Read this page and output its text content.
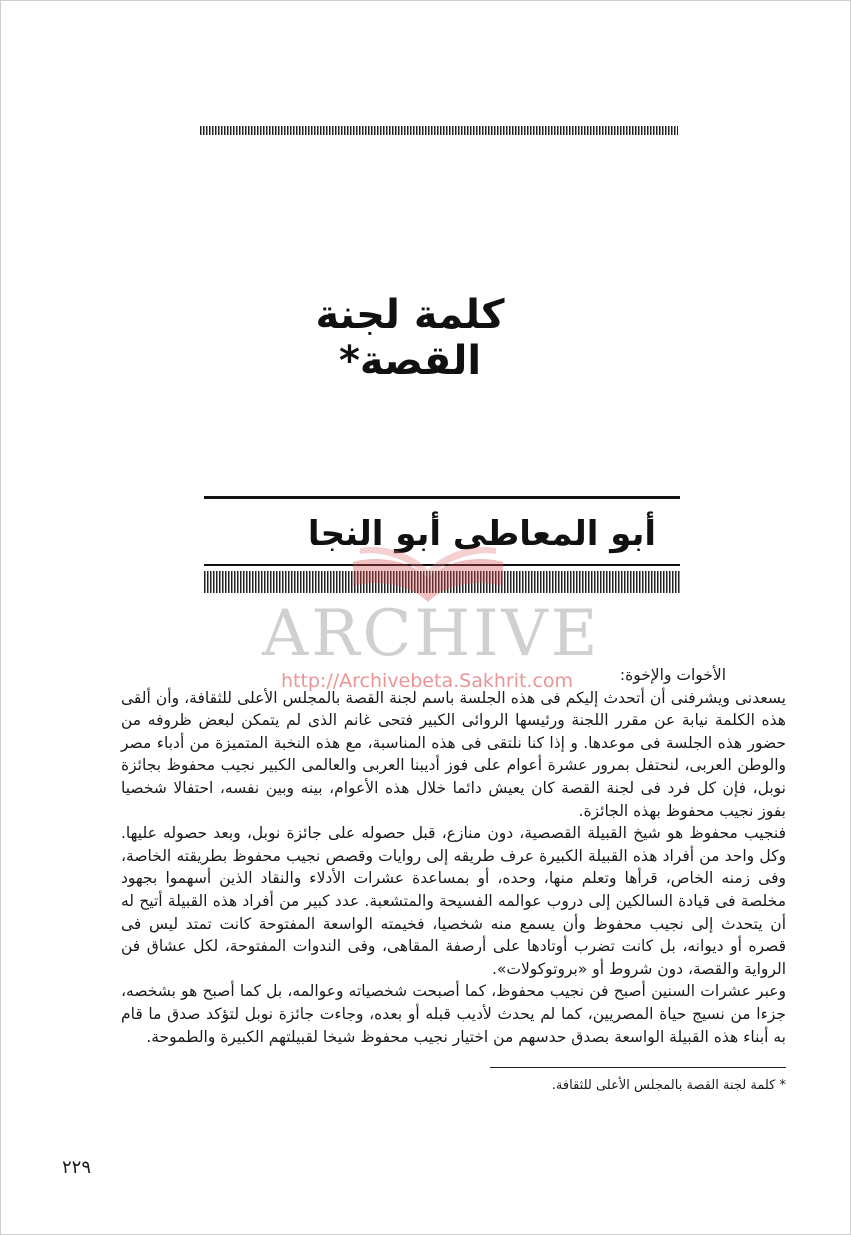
كلمة لجنة القصة*
أبو المعاطى أبو النجا
ARCHIVE
http://Archivebeta.Sakhrit.com	الأخوات والإخوة:

يسعدنى ويشرفنى أن أتحدث إليكم فى هذه الجلسة باسم لجنة القصة بالمجلس الأعلى للثقافة، وأن ألقى هذه الكلمة نيابة عن مقرر اللجنة ورئيسها الروائى الكبير فتحى غانم الذى لم يتمكن لبعض ظروفه من حضور هذه الجلسة فى موعدها. و إذا كنا نلتقى فى هذه المناسبة، مع هذه النخبة المتميزة من أدباء مصر والوطن العربى، لنحتفل بمرور عشرة أعوام على فوز أديبنا العربى والعالمى الكبير نجيب محفوظ بجائزة نوبل، فإن كل فرد فى لجنة القصة كان يعيش دائما خلال هذه الأعوام، بينه وبين نفسه، احتفالا شخصيا بفوز نجيب محفوظ بهذه الجائزة.

فنجيب محفوظ هو شيخ القبيلة القصصية، دون منازع، قبل حصوله على جائزة نوبل، وبعد حصوله عليها. وكل واحد من أفراد هذه القبيلة الكبيرة عرف طريقه إلى روايات وقصص نجيب محفوظ بطريقته الخاصة، وفى زمنه الخاص، قرأها وتعلم منها، وحده، أو بمساعدة عشرات الأدلاء والنقاد الذين أسهموا بجهود مخلصة فى قيادة السالكين إلى دروب عوالمه الفسيحة والمتشعبة. عدد كبير من أفراد هذه القبيلة أتيح له أن يتحدث إلى نجيب محفوظ وأن يسمع منه شخصيا، فخيمته الواسعة المفتوحة كانت تمتد ليس فى قصره أو ديوانه، بل كانت تضرب أوتادها على أرصفة المقاهى، وفى الندوات المفتوحة، لكل عشاق فن الرواية والقصة، دون شروط أو «بروتوكولات».

وعبر عشرات السنين أصبح فن نجيب محفوظ، كما أصبحت شخصياته وعوالمه، بل كما أصبح هو بشخصه، جزءا من نسيج حياة المصريين، كما لم يحدث لأديب قبله أو بعده، وجاءت جائزة نوبل لتؤكد صدق ما قام به أبناء هذه القبيلة الواسعة بصدق حدسهم من اختيار نجيب محفوظ شيخا لقبيلتهم الكبيرة والطموحة.

* كلمة لجنة القصة بالمجلس الأعلى للثقافة.
٢٢٩
